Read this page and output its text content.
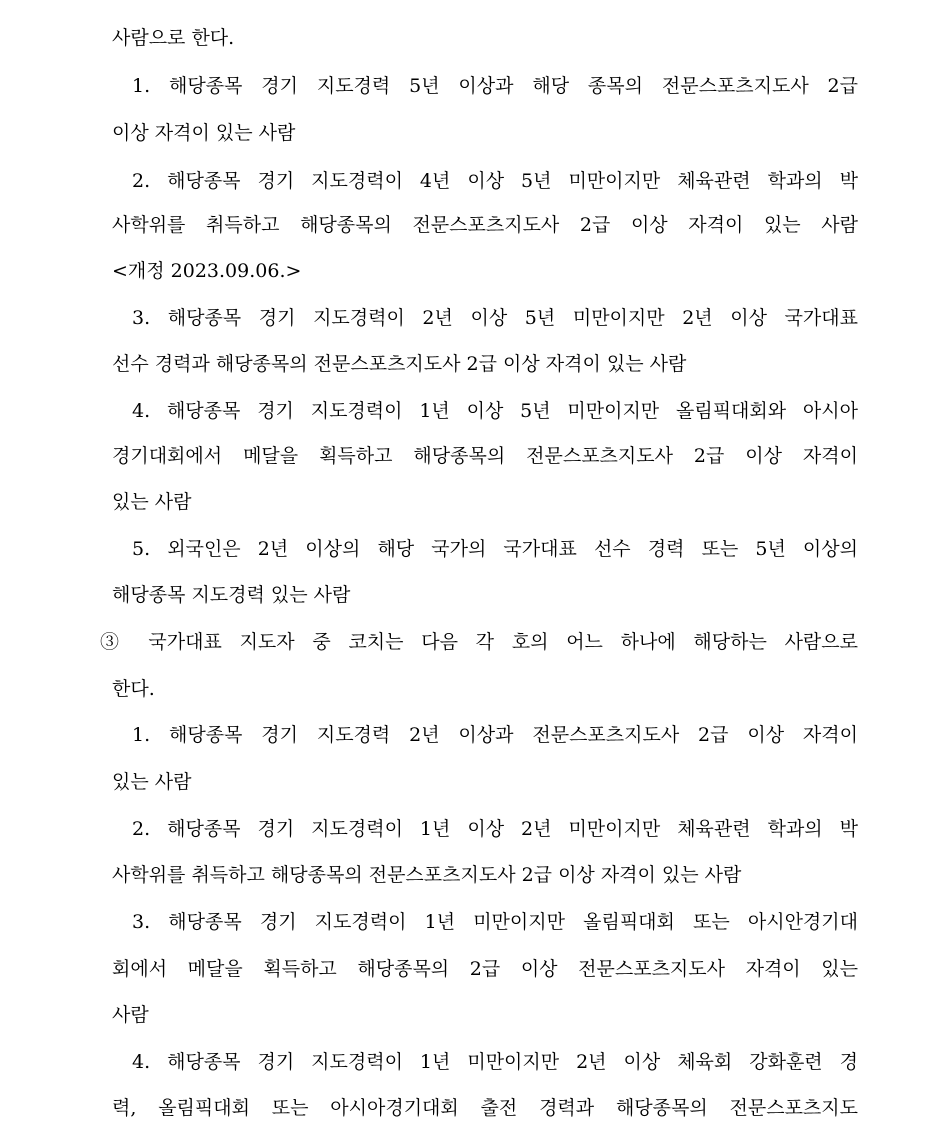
사람으로 한다.
1. 해당종목 경기 지도경력 5년 이상과 해당 종목의 전문스포츠지도사 2급
이상 자격이 있는 사람
2. 해당종목 경기 지도경력이 4년 이상 5년 미만이지만 체육관련 학과의 박
사학위를 취득하고 해당종목의 전문스포츠지도사 2급 이상 자격이 있는 사람
<개정 2023.09.06.>
3. 해당종목 경기 지도경력이 2년 이상 5년 미만이지만 2년 이상 국가대표
선수 경력과 해당종목의 전문스포츠지도사 2급 이상 자격이 있는 사람
4. 해당종목 경기 지도경력이 1년 이상 5년 미만이지만 올림픽대회와 아시아
경기대회에서 메달을 획득하고 해당종목의 전문스포츠지도사 2급 이상 자격이
있는 사람
5. 외국인은 2년 이상의 해당 국가의 국가대표 선수 경력 또는 5년 이상의
해당종목 지도경력 있는 사람
③ 국가대표 지도자 중 코치는 다음 각 호의 어느 하나에 해당하는 사람으로
한다.
1. 해당종목 경기 지도경력 2년 이상과 전문스포츠지도사 2급 이상 자격이
있는 사람
2. 해당종목 경기 지도경력이 1년 이상 2년 미만이지만 체육관련 학과의 박
사학위를 취득하고 해당종목의 전문스포츠지도사 2급 이상 자격이 있는 사람
3. 해당종목 경기 지도경력이 1년 미만이지만 올림픽대회 또는 아시안경기대
회에서 메달을 획득하고 해당종목의 2급 이상 전문스포츠지도사 자격이 있는
사람
4. 해당종목 경기 지도경력이 1년 미만이지만 2년 이상 체육회 강화훈련 경
력, 올림픽대회 또는 아시아경기대회 출전 경력과 해당종목의 전문스포츠지도
